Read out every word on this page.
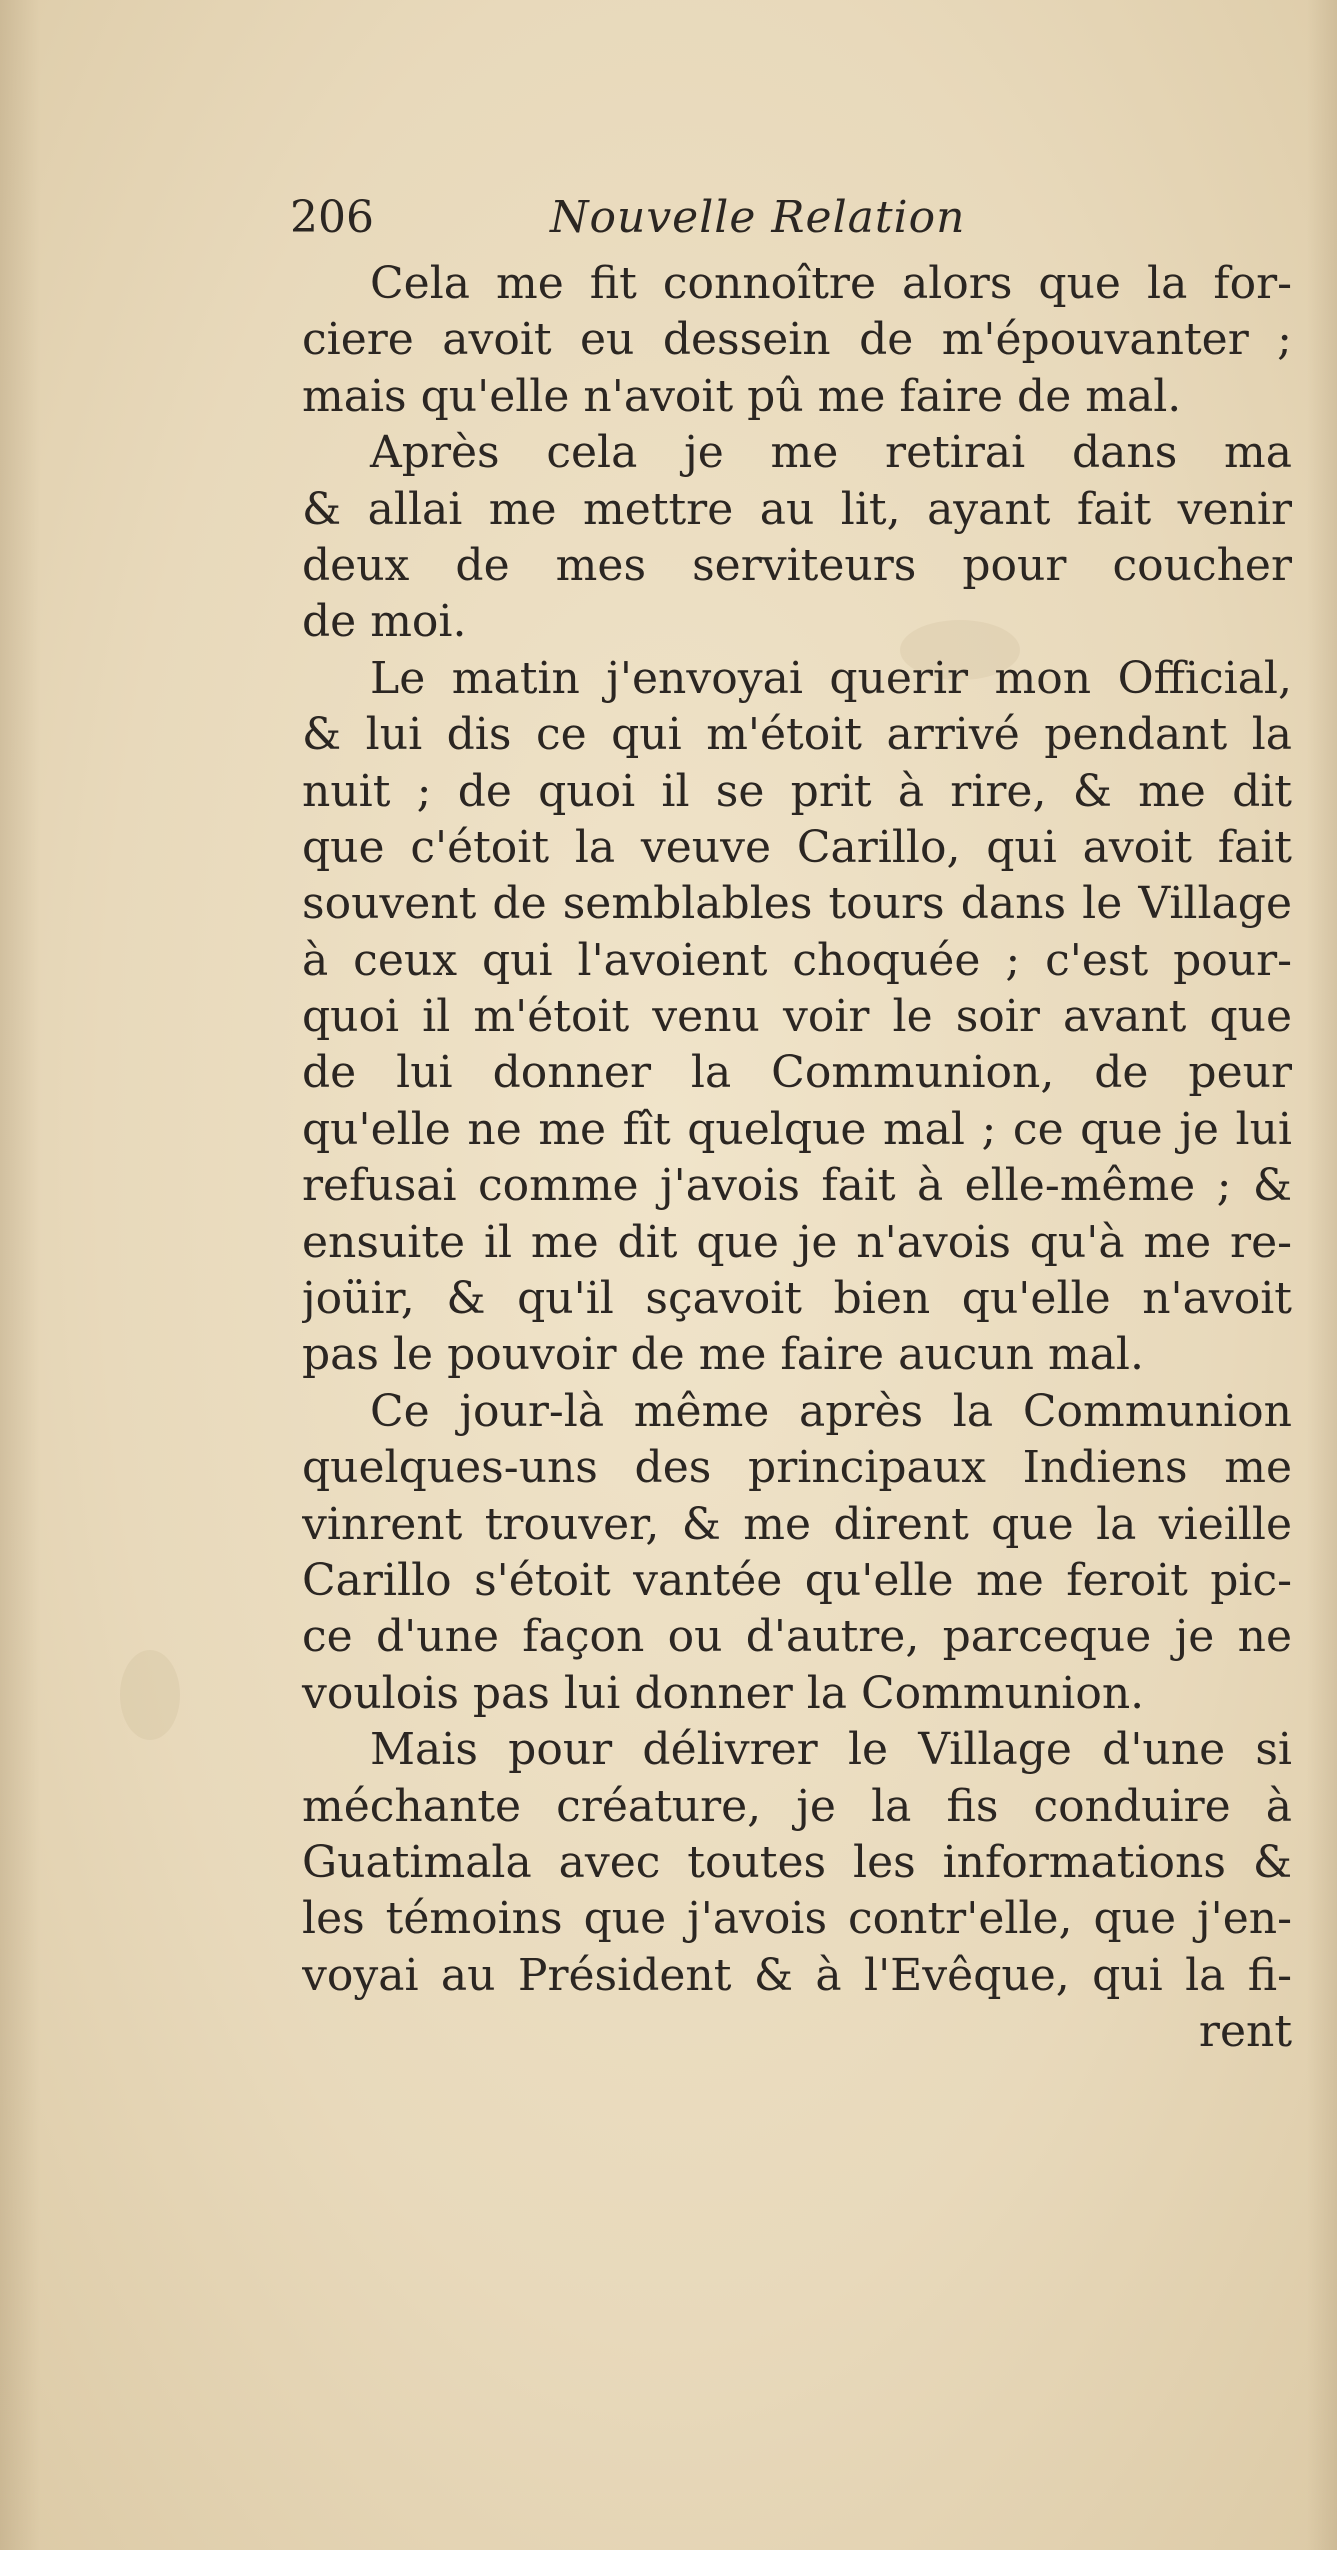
206	Nouvelle Relation
Cela me fit connoître alors que la for-
ciere avoit eu dessein de m'épouvanter ;
mais qu'elle n'avoit pû me faire de mal.
Après cela je me retirai dans ma
& allai me mettre au lit, ayant fait venir
deux de mes serviteurs pour coucher
de moi.
Le matin j'envoyai querir mon Official,
& lui dis ce qui m'étoit arrivé pendant la
nuit ; de quoi il se prit à rire, & me dit
que c'étoit la veuve Carillo, qui avoit fait
souvent de semblables tours dans le Village
à ceux qui l'avoient choquée ; c'est pour-
quoi il m'étoit venu voir le soir avant que
de lui donner la Communion, de peur
qu'elle ne me fît quelque mal ; ce que je lui
refusai comme j'avois fait à elle-même ; &
ensuite il me dit que je n'avois qu'à me re-
joüir, & qu'il sçavoit bien qu'elle n'avoit
pas le pouvoir de me faire aucun mal.
Ce jour-là même après la Communion
quelques-uns des principaux Indiens me
vinrent trouver, & me dirent que la vieille
Carillo s'étoit vantée qu'elle me feroit pic-
ce d'une façon ou d'autre, parceque je ne
voulois pas lui donner la Communion.
Mais pour délivrer le Village d'une si
méchante créature, je la fis conduire à
Guatimala avec toutes les informations &
les témoins que j'avois contr'elle, que j'en-
voyai au Président & à l'Evêque, qui la fi-
rent
